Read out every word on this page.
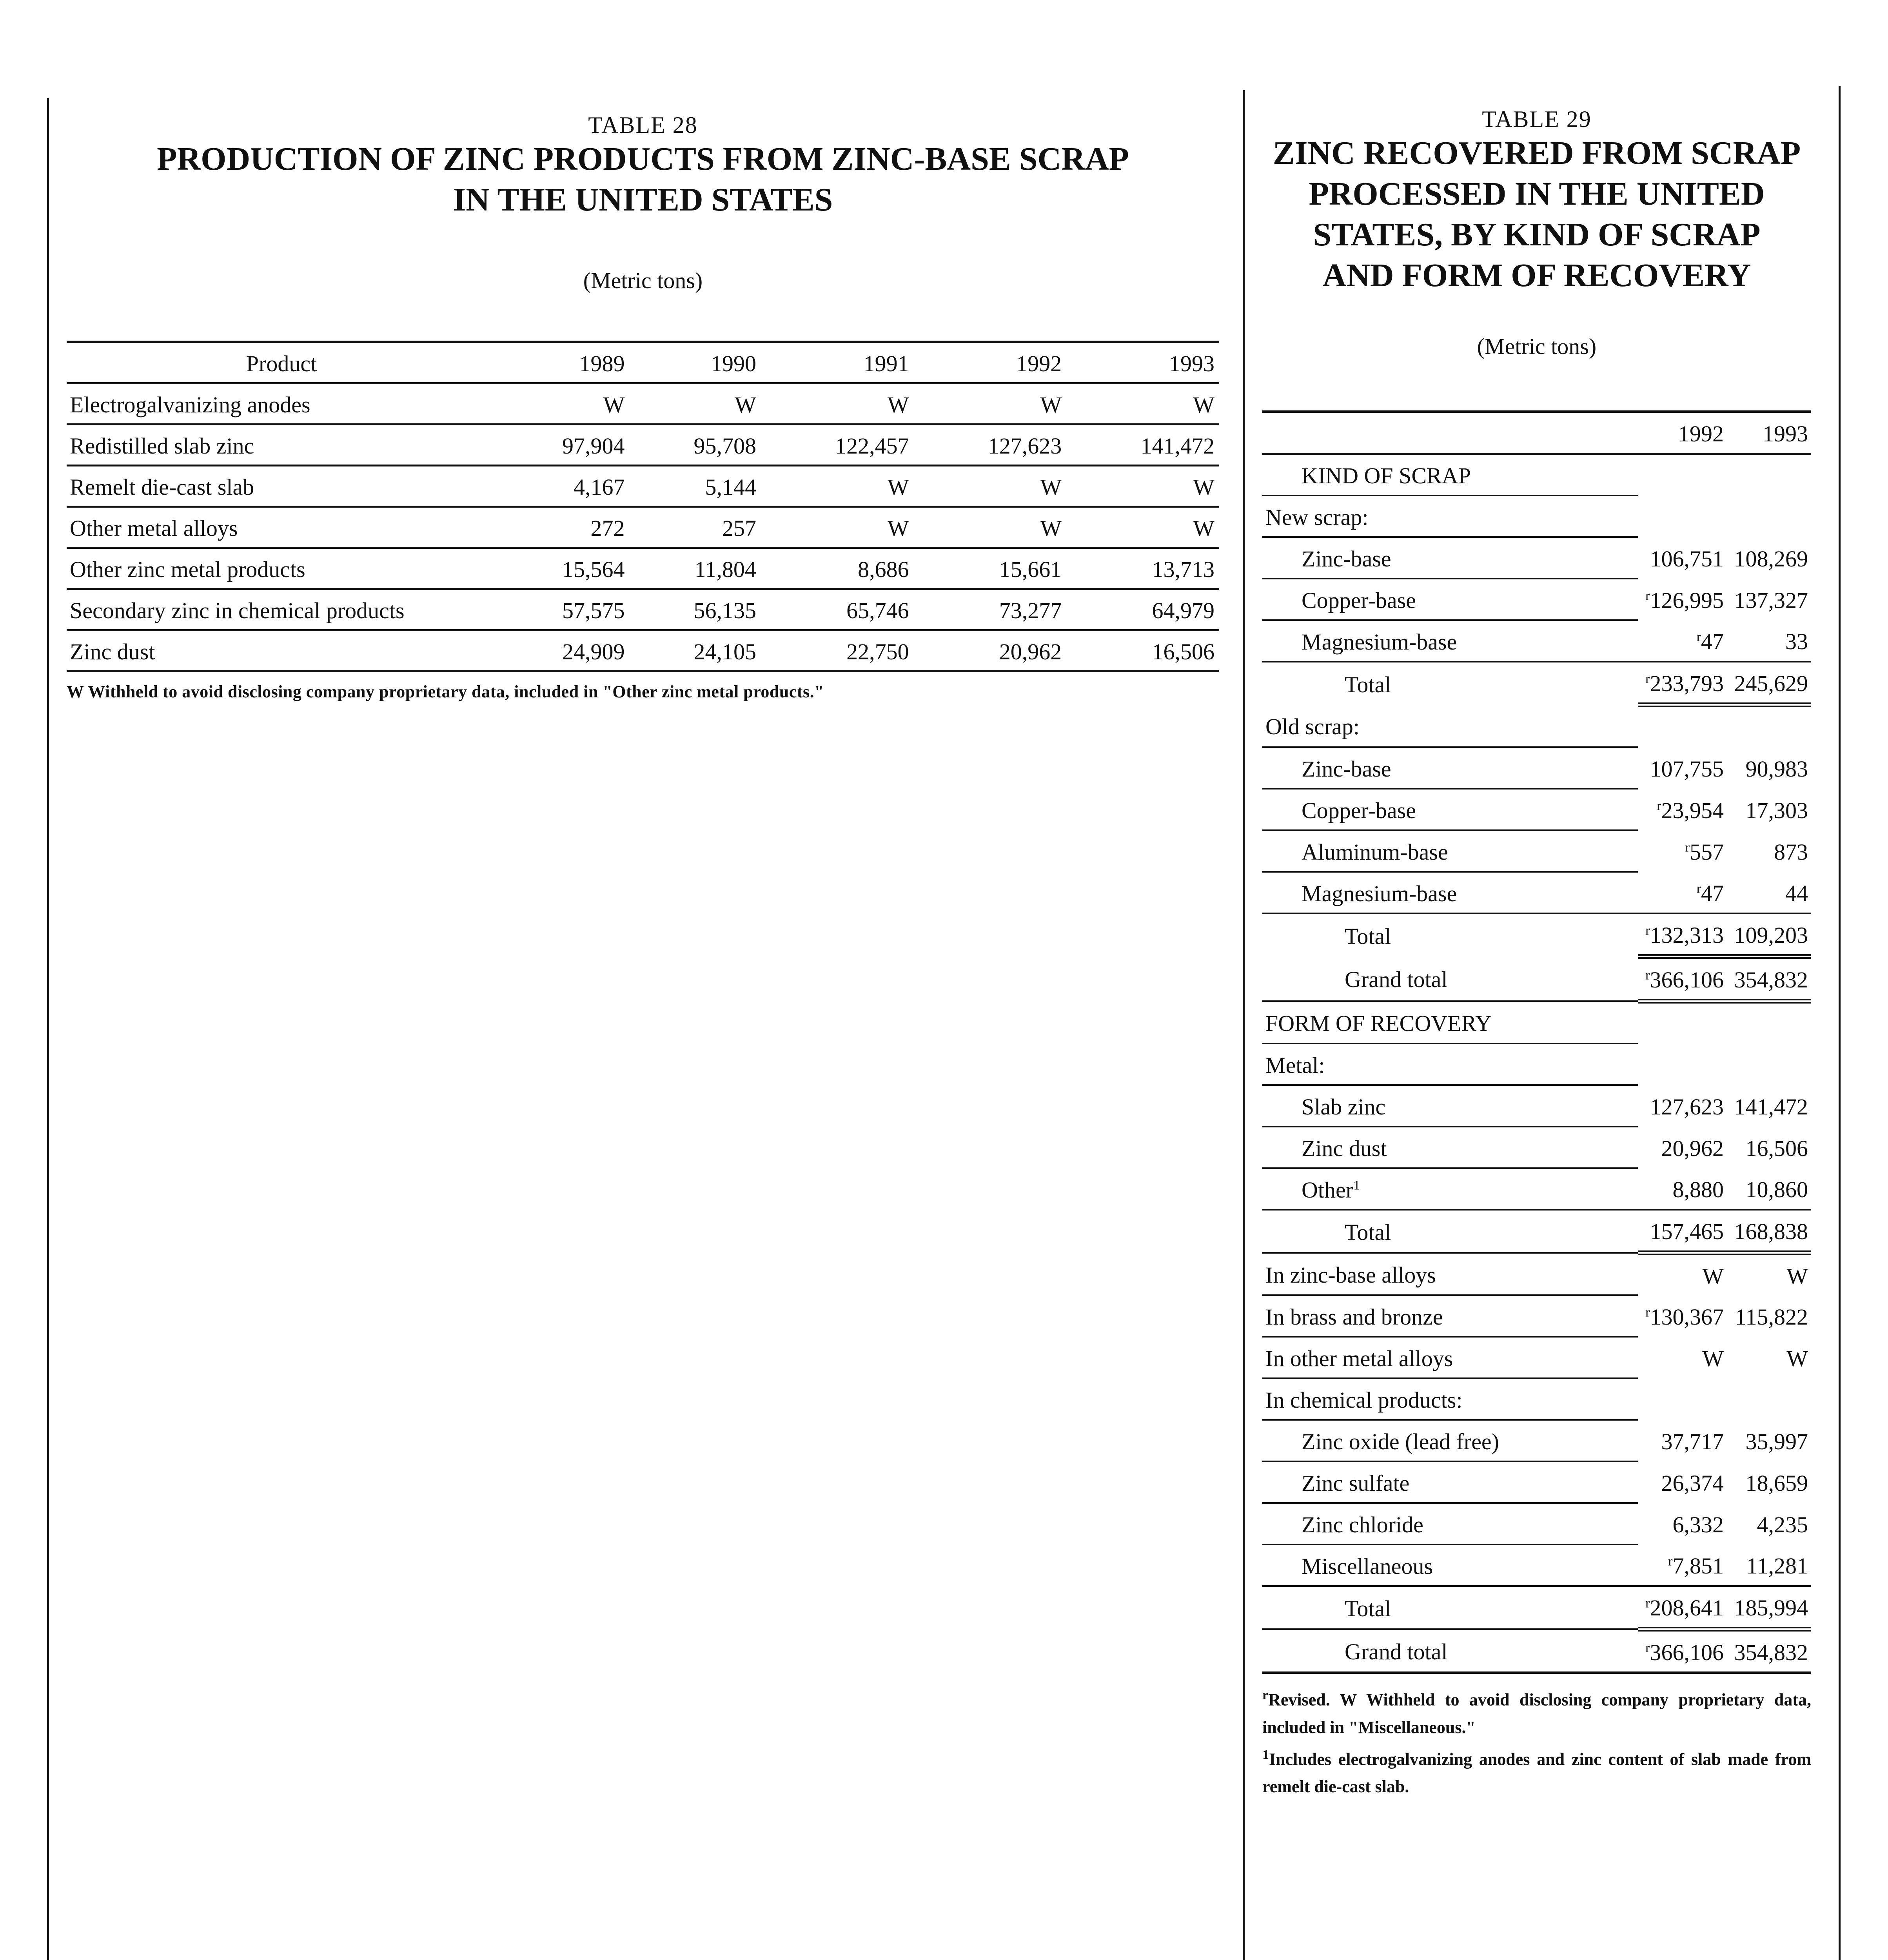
TABLE 28
PRODUCTION OF ZINC PRODUCTS FROM ZINC-BASE SCRAP
IN THE UNITED STATES
(Metric tons)
Product	1989	1990	1991	1992	1993
Electrogalvanizing anodes	W	W	W	W	W
Redistilled slab zinc	97,904	95,708	122,457	127,623	141,472
Remelt die-cast slab	4,167	5,144	W	W	W
Other metal alloys	272	257	W	W	W
Other zinc metal products	15,564	11,804	8,686	15,661	13,713
Secondary zinc in chemical products	57,575	56,135	65,746	73,277	64,979
Zinc dust	24,909	24,105	22,750	20,962	16,506
W Withheld to avoid disclosing company proprietary data, included in "Other zinc metal products."
TABLE 29
ZINC RECOVERED FROM SCRAP
PROCESSED IN THE UNITED
STATES, BY KIND OF SCRAP
AND FORM OF RECOVERY
(Metric tons)
	1992	1993
KIND OF SCRAP		
New scrap:		
Zinc-base	106,751	108,269
Copper-base	$^r$126,995	137,327
Magnesium-base	$^r$47	33
Total	$^r$233,793	245,629
Old scrap:		
Zinc-base	107,755	90,983
Copper-base	$^r$23,954	17,303
Aluminum-base	$^r$557	873
Magnesium-base	$^r$47	44
Total	$^r$132,313	109,203
Grand total	$^r$366,106	354,832
FORM OF RECOVERY		
Metal:		
Slab zinc	127,623	141,472
Zinc dust	20,962	16,506
Other$^1$	8,880	10,860
Total	157,465	168,838
In zinc-base alloys	W	W
In brass and bronze	$^r$130,367	115,822
In other metal alloys	W	W
In chemical products:		
Zinc oxide (lead free)	37,717	35,997
Zinc sulfate	26,374	18,659
Zinc chloride	6,332	4,235
Miscellaneous	$^r$7,851	11,281
Total	$^r$208,641	185,994
Grand total	$^r$366,106	354,832
$^r$Revised. W Withheld to avoid disclosing company proprietary data, included in "Miscellaneous."
$^1$Includes electrogalvanizing anodes and zinc content of slab made from remelt die-cast slab.
